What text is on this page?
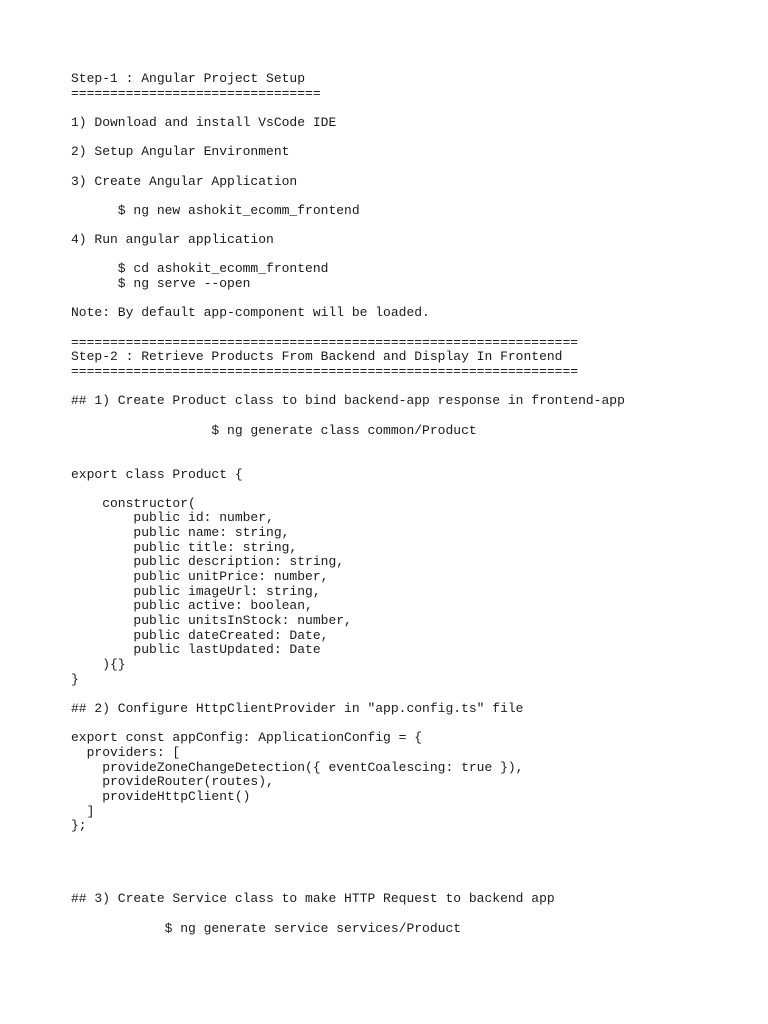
Step-1 : Angular Project Setup
================================
1) Download and install VsCode IDE
2) Setup Angular Environment
3) Create Angular Application
$ ng new ashokit_ecomm_frontend
4) Run angular application
$ cd ashokit_ecomm_frontend
$ ng serve --open
Note: By default app-component will be loaded.
=================================================================
Step-2 : Retrieve Products From Backend and Display In Frontend
=================================================================
## 1) Create Product class to bind backend-app response in frontend-app
$ ng generate class common/Product
export class Product {
constructor(
public id: number,
public name: string,
public title: string,
public description: string,
public unitPrice: number,
public imageUrl: string,
public active: boolean,
public unitsInStock: number,
public dateCreated: Date,
public lastUpdated: Date
){}
}
## 2) Configure HttpClientProvider in "app.config.ts" file
export const appConfig: ApplicationConfig = {
providers: [
provideZoneChangeDetection({ eventCoalescing: true }),
provideRouter(routes),
provideHttpClient()
]
};
## 3) Create Service class to make HTTP Request to backend app
$ ng generate service services/Product
